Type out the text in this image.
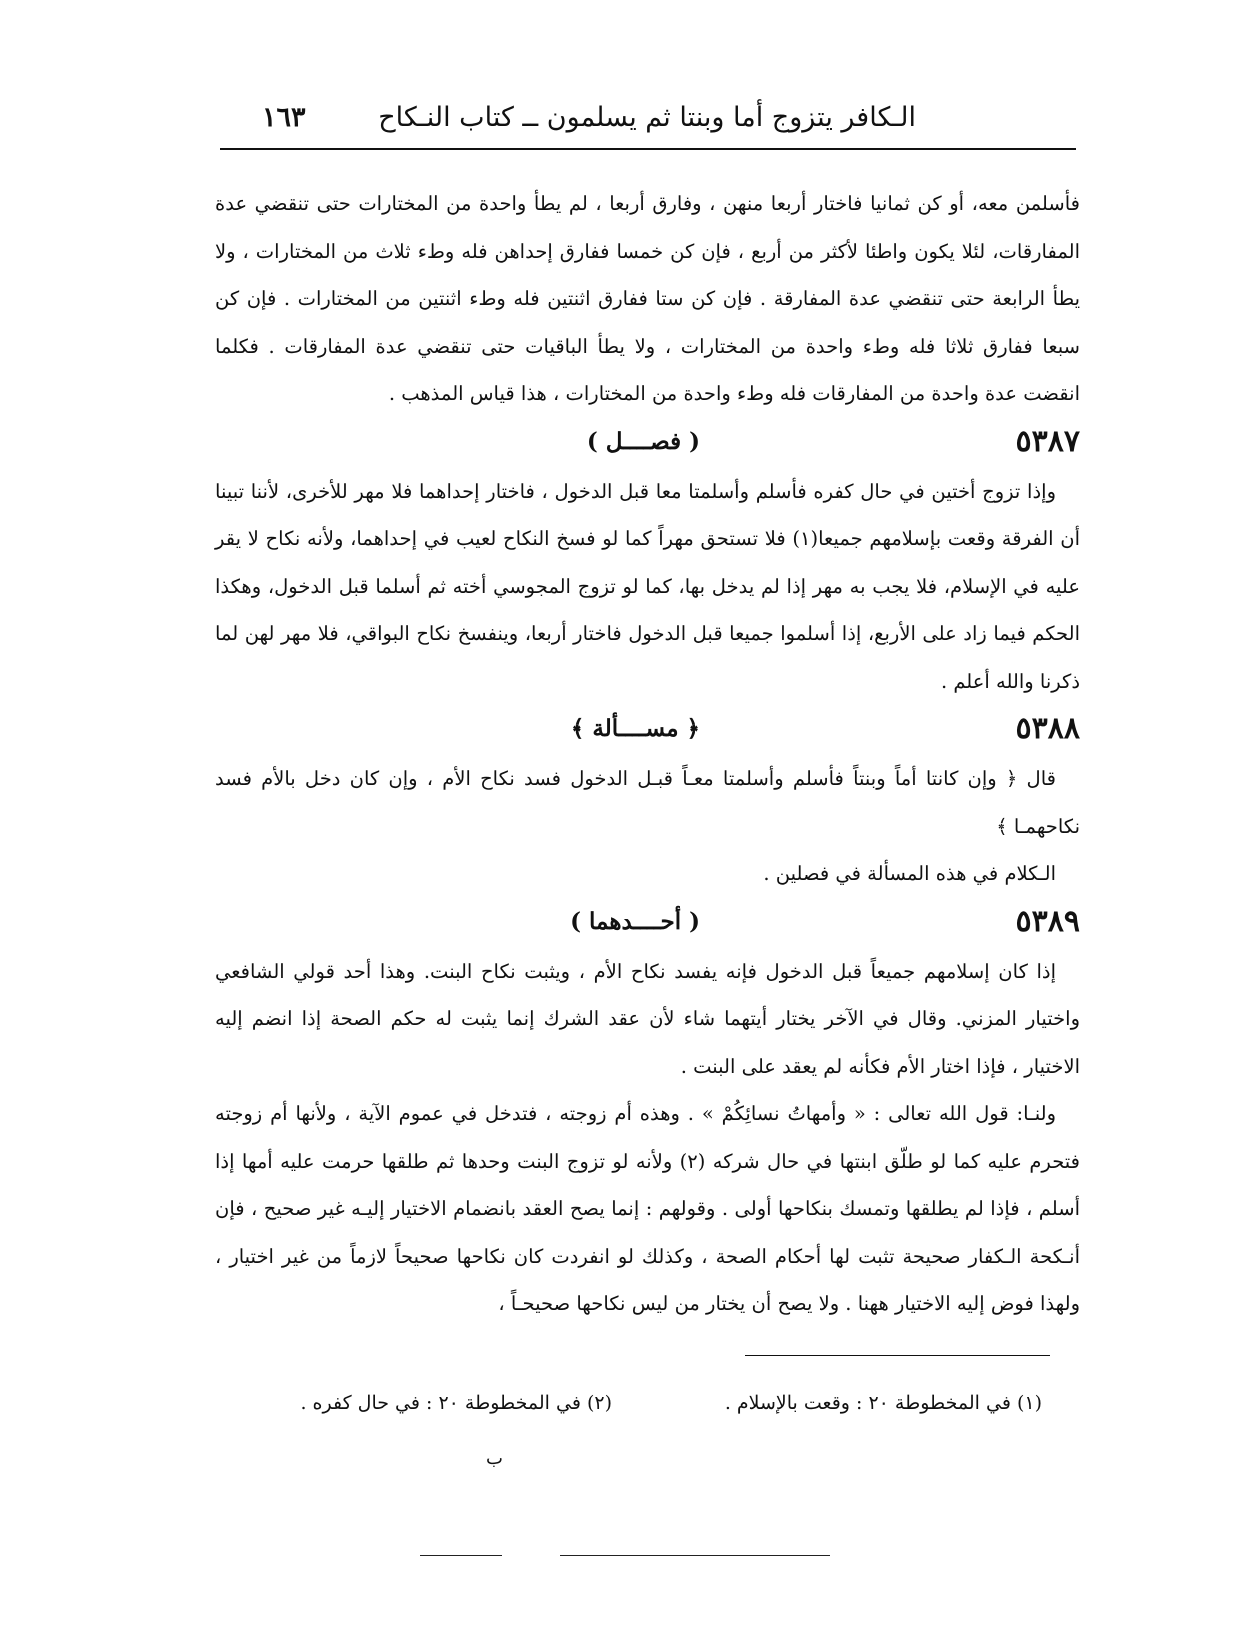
الـكافر يتزوج أما وبنتا ثم يسلمون ــ كتاب النـكاح
١٦٣

فأسلمن معه، أو كن ثمانيا فاختار أربعا منهن ، وفارق أربعا ، لم يطأ واحدة من المختارات حتى تنقضي عدة المفارقات، لئلا يكون واطئا لأكثر من أربع ، فإن كن خمسا ففارق إحداهن فله وطء ثلاث من المختارات ، ولا يطأ الرابعة حتى تنقضي عدة المفارقة . فإن كن ستا ففارق اثنتين فله وطء اثنتين من المختارات . فإن كن سبعا ففارق ثلاثا فله وطء واحدة من المختارات ، ولا يطأ الباقيات حتى تنقضي عدة المفارقات . فكلما انقضت عدة واحدة من المفارقات فله وطء واحدة من المختارات ، هذا قياس المذهب .

٥٣٨٧
( فصــــل )

وإذا تزوج أختين في حال كفره فأسلم وأسلمتا معا قبل الدخول ، فاختار إحداهما فلا مهر للأخرى، لأننا تبينا أن الفرقة وقعت بإسلامهم جميعا(١) فلا تستحق مهراً كما لو فسخ النكاح لعيب في إحداهما، ولأنه نكاح لا يقر عليه في الإسلام، فلا يجب به مهر إذا لم يدخل بها، كما لو تزوج المجوسي أخته ثم أسلما قبل الدخول، وهكذا الحكم فيما زاد على الأربع، إذا أسلموا جميعا قبل الدخول فاختار أربعا، وينفسخ نكاح البواقي، فلا مهر لهن لما ذكرنا والله أعلم .

٥٣٨٨
﴿ مســــألة ﴾

قال ﴿ وإن كانتا أماً وبنتاً فأسلم وأسلمتا معـاً قبـل الدخول فسد نكاح الأم ، وإن كان دخل بالأم فسد نكاحهمـا ﴾

الـكلام في هذه المسألة في فصلين .

٥٣٨٩
( أحــــدهما )

إذا كان إسلامهم جميعاً قبل الدخول فإنه يفسد نكاح الأم ، ويثبت نكاح البنت. وهذا أحد قولي الشافعي واختيار المزني. وقال في الآخر يختار أيتهما شاء لأن عقد الشرك إنما يثبت له حكم الصحة إذا انضم إليه الاختيار ، فإذا اختار الأم فكأنه لم يعقد على البنت .

ولنـا: قول الله تعالى : « وأمهاتُ نسائِكُمْ » . وهذه أم زوجته ، فتدخل في عموم الآية ، ولأنها أم زوجته فتحرم عليه كما لو طلّق ابنتها في حال شركه (٢) ولأنه لو تزوج البنت وحدها ثم طلقها حرمت عليه أمها إذا أسلم ، فإذا لم يطلقها وتمسك بنكاحها أولى . وقولهم : إنما يصح العقد بانضمام الاختيار إليـه غير صحيح ، فإن أنـكحة الـكفار صحيحة تثبت لها أحكام الصحة ، وكذلك لو انفردت كان نكاحها صحيحاً لازماً من غير اختيار ، ولهذا فوض إليه الاختيار ههنا . ولا يصح أن يختار من ليس نكاحها صحيحـاً ،

(١) في المخطوطة ٢٠ : وقعت بالإسلام .
(٢) في المخطوطة ٢٠ : في حال كفره .
ب
